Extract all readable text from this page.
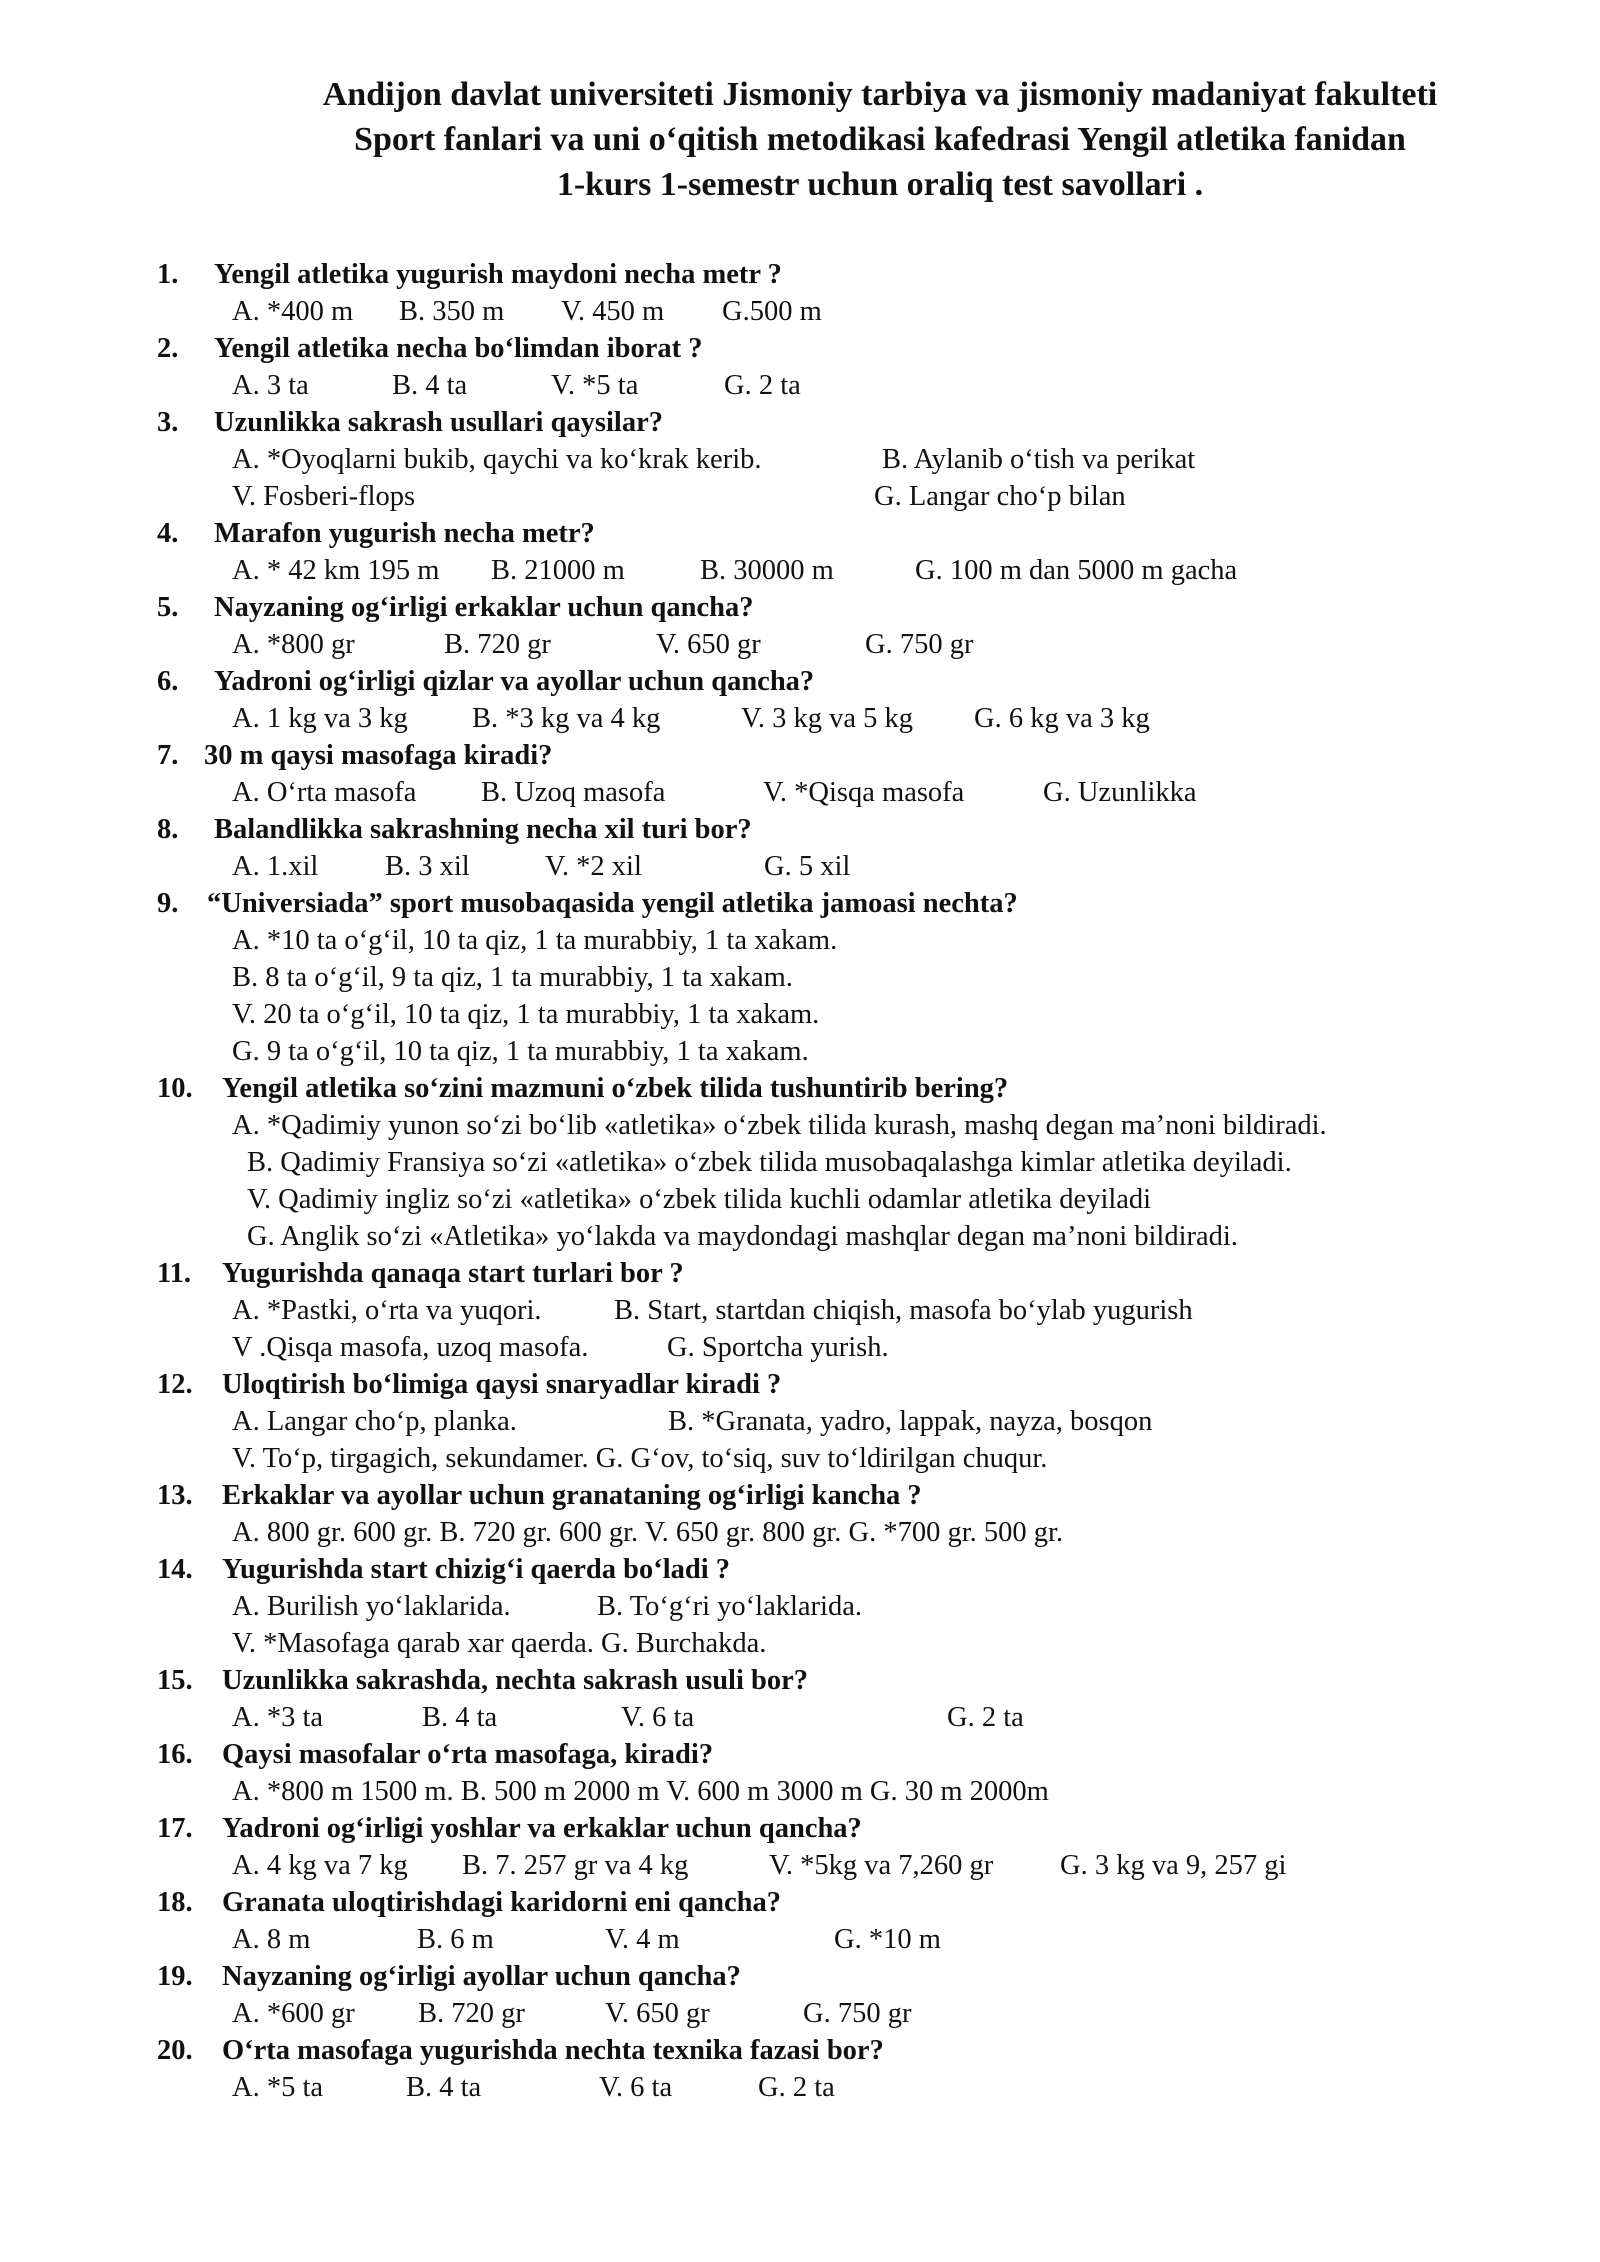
Andijon davlat universiteti Jismoniy tarbiya va jismoniy madaniyat fakulteti
Sport fanlari va uni o‘qitish metodikasi kafedrasi Yengil atletika fanidan
1-kurs 1-semestr uchun oraliq test savollari .
1. Yengil atletika yugurish maydoni necha metr ?
A. *400 m B. 350 m V. 450 m G.500 m
2. Yengil atletika necha bo‘limdan iborat ?
A. 3 ta	B. 4 ta	V. *5 ta	G. 2 ta
3. Uzunlikka sakrash usullari qaysilar?
A. *Oyoqlarni bukib, qaychi va ko‘krak kerib.	B. Aylanib o‘tish va perikat
V. Fosberi-flops	G. Langar cho‘p bilan
4. Marafon yugurish necha metr?
A. * 42 km 195 m B. 21000 m	B. 30000 m	G. 100 m dan 5000 m gacha
5. Nayzaning og‘irligi erkaklar uchun qancha?
A. *800 gr	B. 720 gr	V. 650 gr	G. 750 gr
6. Yadroni og‘irligi qizlar va ayollar uchun qancha?
A. 1 kg va 3 kg B. *3 kg va 4 kg	V. 3 kg va 5 kg G. 6 kg va 3 kg
7. 30 m qaysi masofaga kiradi?
A. O‘rta masofa B. Uzoq masofa	V. *Qisqa masofa	G. Uzunlikka
8. Balandlikka sakrashning necha xil turi bor?
A. 1.xil B. 3 xil	V. *2 xil	G. 5 xil
9. “Universiada” sport musobaqasida yengil atletika jamoasi nechta?
A. *10 ta o‘g‘il, 10 ta qiz, 1 ta murabbiy, 1 ta xakam.
B. 8 ta o‘g‘il, 9 ta qiz, 1 ta murabbiy, 1 ta xakam.
V. 20 ta o‘g‘il, 10 ta qiz, 1 ta murabbiy, 1 ta xakam.
G. 9 ta o‘g‘il, 10 ta qiz, 1 ta murabbiy, 1 ta xakam.
10. Yengil atletika so‘zini mazmuni o‘zbek tilida tushuntirib bering?
A. *Qadimiy yunon so‘zi bo‘lib «atletika» o‘zbek tilida kurash, mashq degan ma’noni bildiradi.
B. Qadimiy Fransiya so‘zi «atletika» o‘zbek tilida musobaqalashga kimlar atletika deyiladi.
V. Qadimiy ingliz so‘zi «atletika» o‘zbek tilida kuchli odamlar atletika deyiladi
G. Anglik so‘zi «Atletika» yo‘lakda va maydondagi mashqlar degan ma’noni bildiradi.
11. Yugurishda qanaqa start turlari bor ?
A. *Pastki, o‘rta va yuqori.	B. Start, startdan chiqish, masofa bo‘ylab yugurish
V .Qisqa masofa, uzoq masofa.	G. Sportcha yurish.
12. Uloqtirish bo‘limiga qaysi snaryadlar kiradi ?
A. Langar cho‘p, planka.	B. *Granata, yadro, lappak, nayza, bosqon
V. To‘p, tirgagich, sekundamer. G. G‘ov, to‘siq, suv to‘ldirilgan chuqur.
13. Erkaklar va ayollar uchun granataning og‘irligi kancha ?
A. 800 gr. 600 gr. B. 720 gr. 600 gr. V. 650 gr. 800 gr. G. *700 gr. 500 gr.
14. Yugurishda start chizig‘i qaerda bo‘ladi ?
A. Burilish yo‘laklarida.	B. To‘g‘ri yo‘laklarida.
V. *Masofaga qarab xar qaerda. G. Burchakda.
15. Uzunlikka sakrashda, nechta sakrash usuli bor?
A. *3 ta	B. 4 ta	V. 6 ta	G. 2 ta
16. Qaysi masofalar o‘rta masofaga, kiradi?
A. *800 m 1500 m. B. 500 m 2000 m V. 600 m 3000 m G. 30 m 2000m
17. Yadroni og‘irligi yoshlar va erkaklar uchun qancha?
A. 4 kg va 7 kg B. 7. 257 gr va 4 kg	V. *5kg va 7,260 gr G. 3 kg va 9, 257 gi
18. Granata uloqtirishdagi karidorni eni qancha?
A. 8 m	B. 6 m	V. 4 m	G. *10 m
19. Nayzaning og‘irligi ayollar uchun qancha?
A. *600 gr B. 720 gr	V. 650 gr	G. 750 gr
20. O‘rta masofaga yugurishda nechta texnika fazasi bor?
A. *5 ta	B. 4 ta	V. 6 ta	G. 2 ta
